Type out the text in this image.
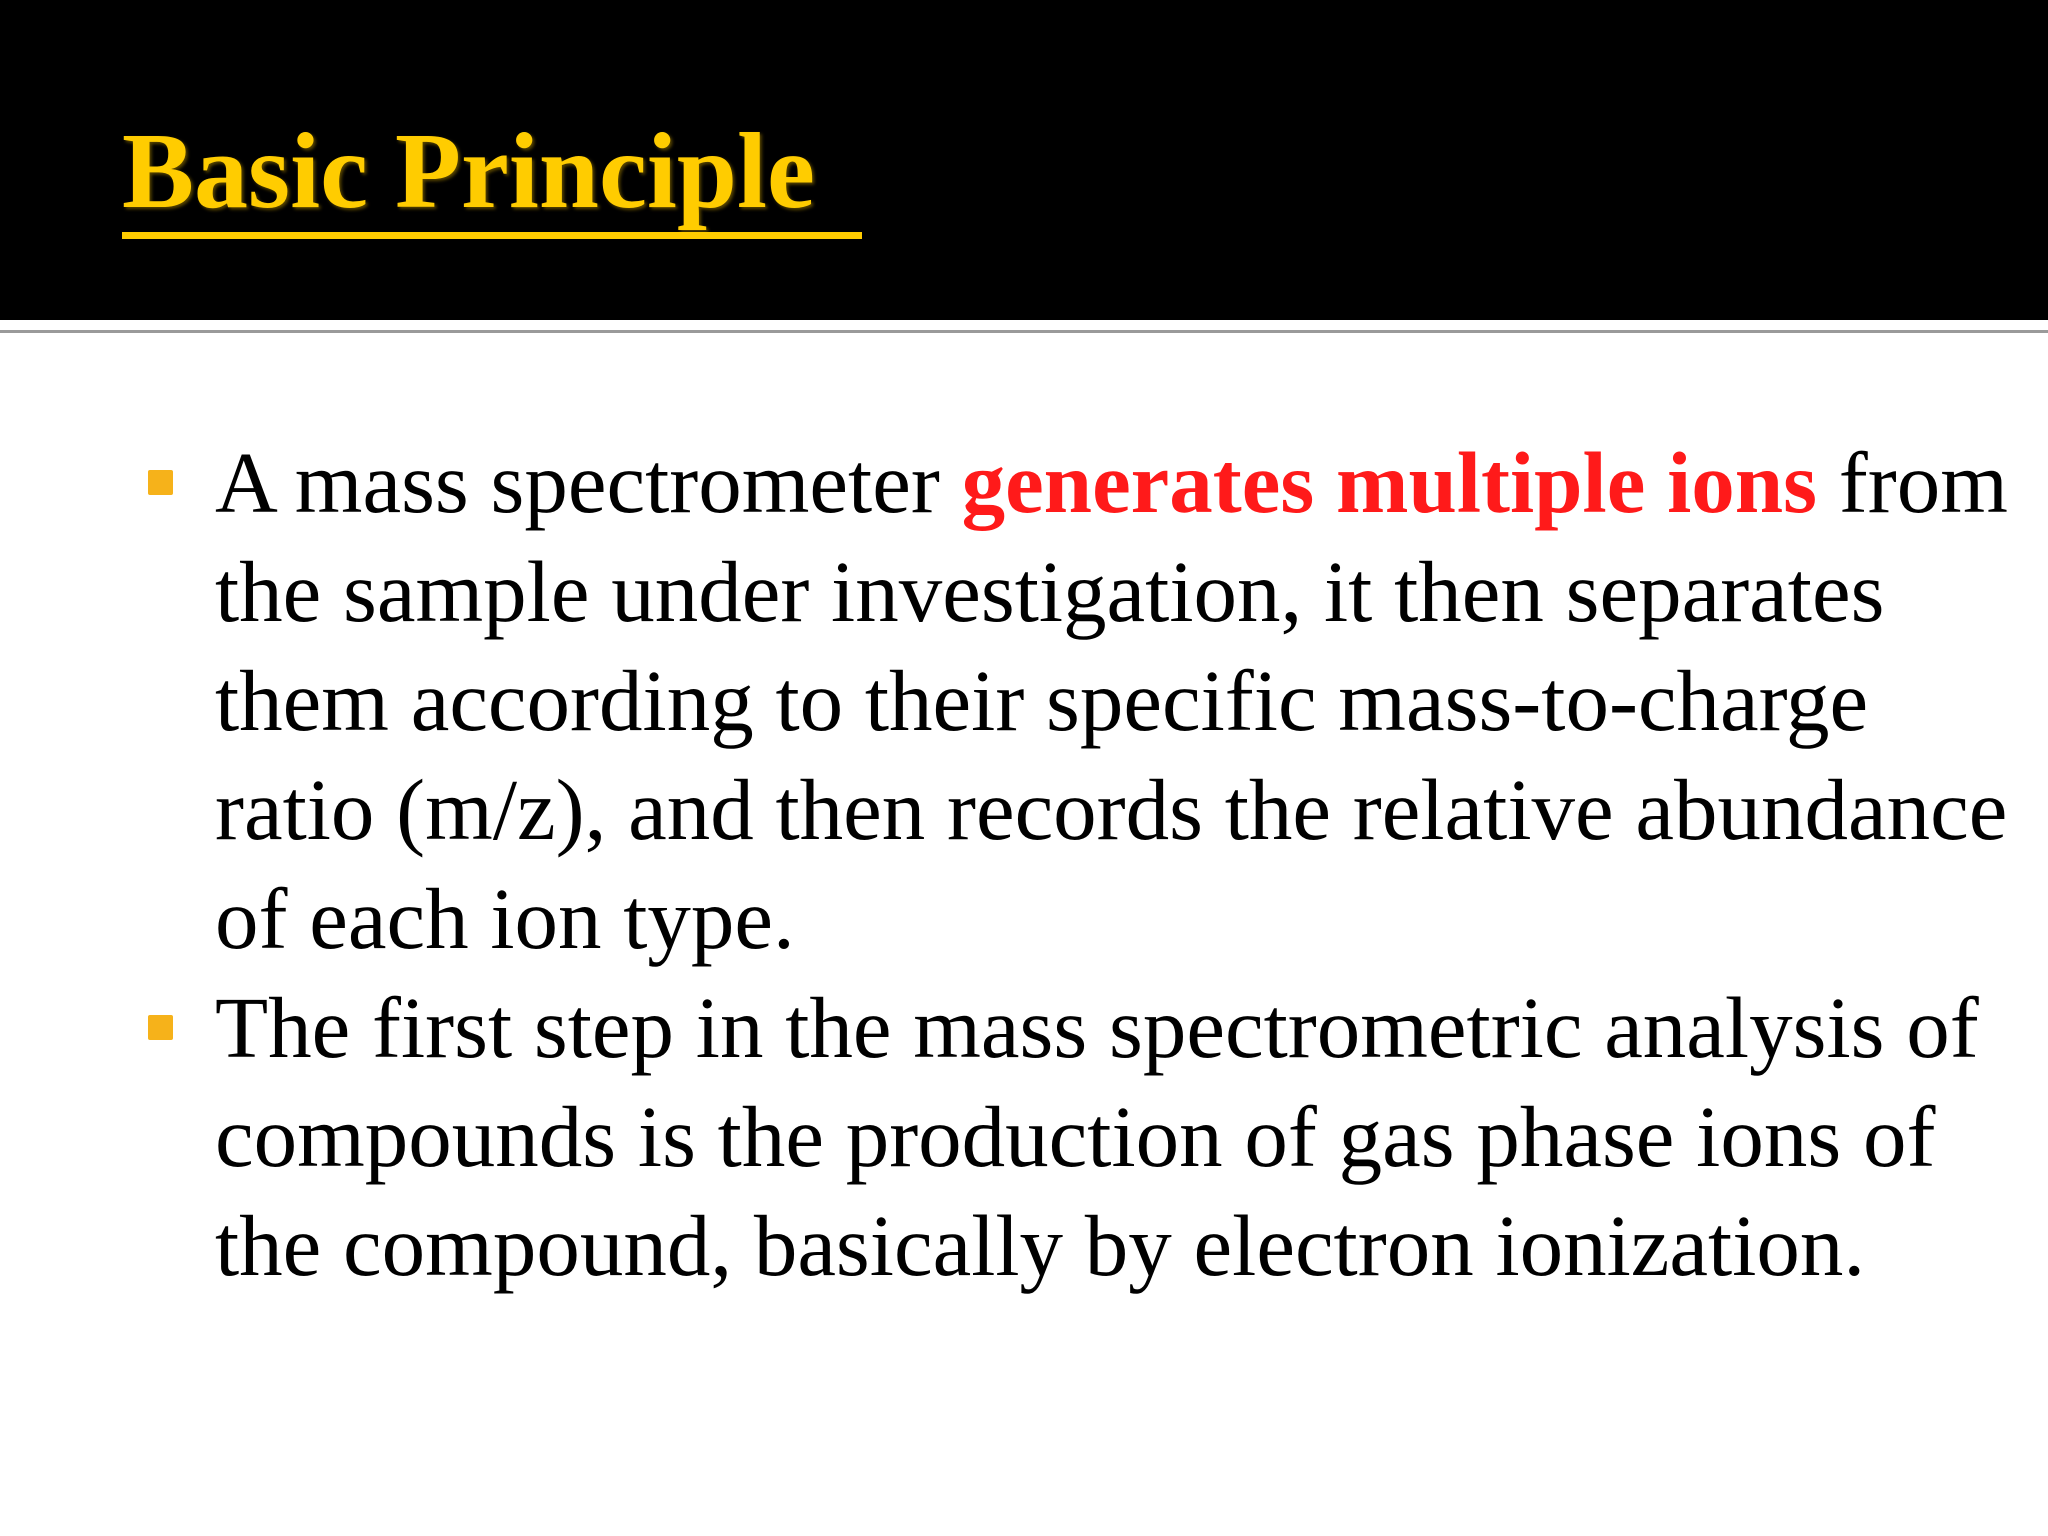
Basic Principle
A mass spectrometer generates multiple ions from the sample under investigation, it then separates them according to their specific mass-to-charge ratio (m/z), and then records the relative abundance of each ion type.
The first step in the mass spectrometric analysis of compounds is the production of gas phase ions of the compound, basically by electron ionization.
